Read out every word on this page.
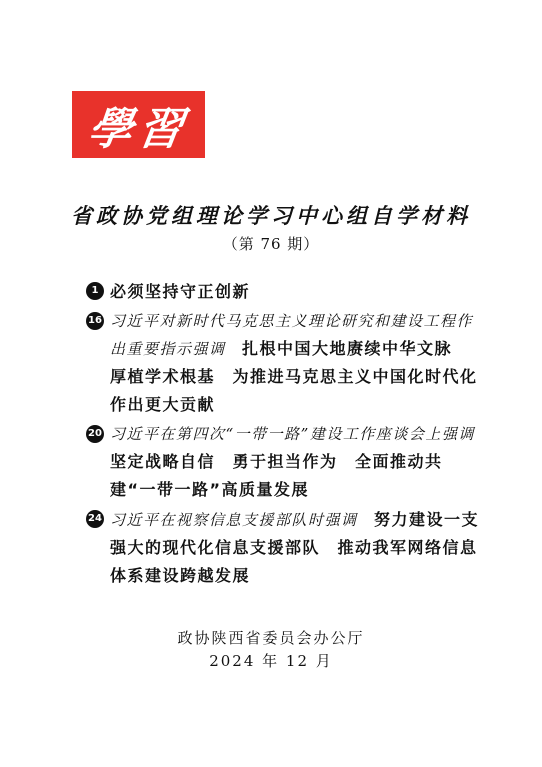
學習
省政协党组理论学习中心组自学材料
（第 76 期）
1 必须坚持守正创新
16 习近平对新时代马克思主义理论研究和建设工程作出重要指示强调　 扎根中国大地赓续中华文脉　厚植学术根基　为推进马克思主义中国化时代化作出更大贡献
20 习近平在第四次“一带一路”建设工作座谈会上强调　坚定战略自信　勇于担当作为　全面推动共建“一带一路”高质量发展
24 习近平在视察信息支援部队时强调　 努力建设一支强大的现代化信息支援部队　推动我军网络信息体系建设跨越发展
政协陕西省委员会办公厅
2024 年 12 月
